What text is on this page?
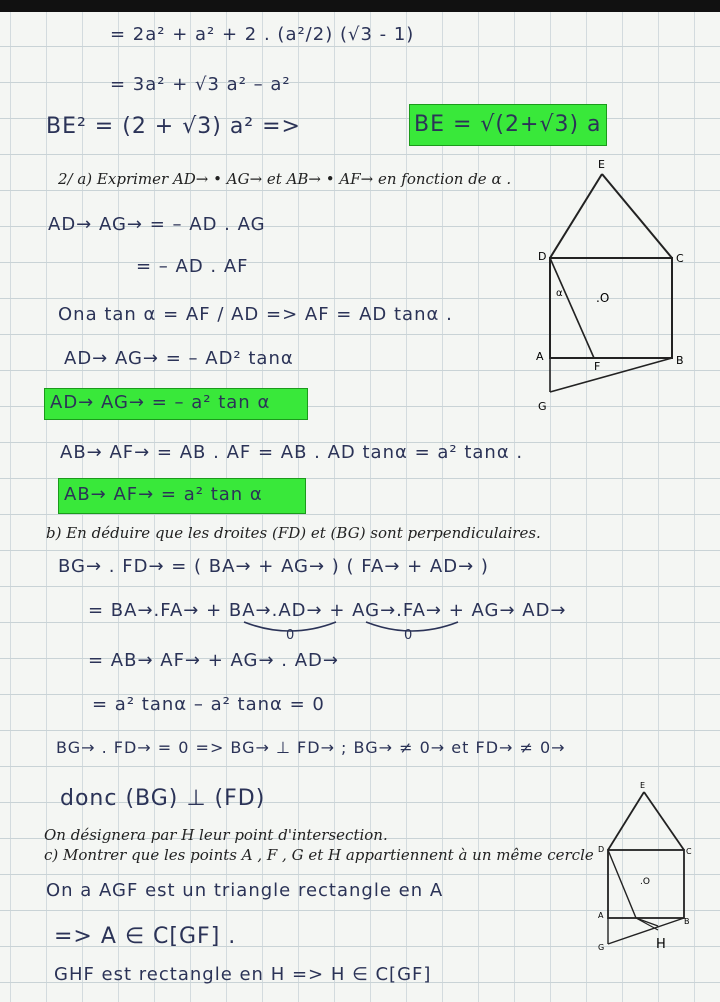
= 2a² + a² + 2 . (a²/2) (√3 - 1)
= 3a² + √3 a² – a²
BE² = (2 + √3) a² =>	BE = √(2+√3) a
2/ a) Exprimer AD→ • AG→ et AB→ • AF→ en fonction de α .
AD→ AG→ = – AD . AG
= – AD . AF
Ona tan α = AF / AD => AF = AD tanα .
AD→ AG→ = – AD² tanα
AD→ AG→ = – a² tan α
AB→ AF→ = AB . AF = AB . AD tanα = a² tanα .
AB→ AF→ = a² tan α
b) En déduire que les droites (FD) et (BG) sont perpendiculaires.
BG→ . FD→ = ( BA→ + AG→ ) ( FA→ + AD→ )
= BA→.FA→ + BA→.AD→ + AG→.FA→ + AG→ AD→
0	0
= AB→ AF→ + AG→ . AD→
= a² tanα – a² tanα = 0
BG→ . FD→ = 0 => BG→ ⊥ FD→ ; BG→ ≠ 0→ et FD→ ≠ 0→
donc (BG) ⊥ (FD)
On désignera par H leur point d'intersection.
c) Montrer que les points A , F , G et H appartiennent à un même cercle
On a AGF est un triangle rectangle en A
=> A ∈ C[GF] .
GHF est rectangle en H => H ∈ C[GF]
E
D	C
A	B
F
G
.O
α
E
D	C
A
B
G	H
.O
